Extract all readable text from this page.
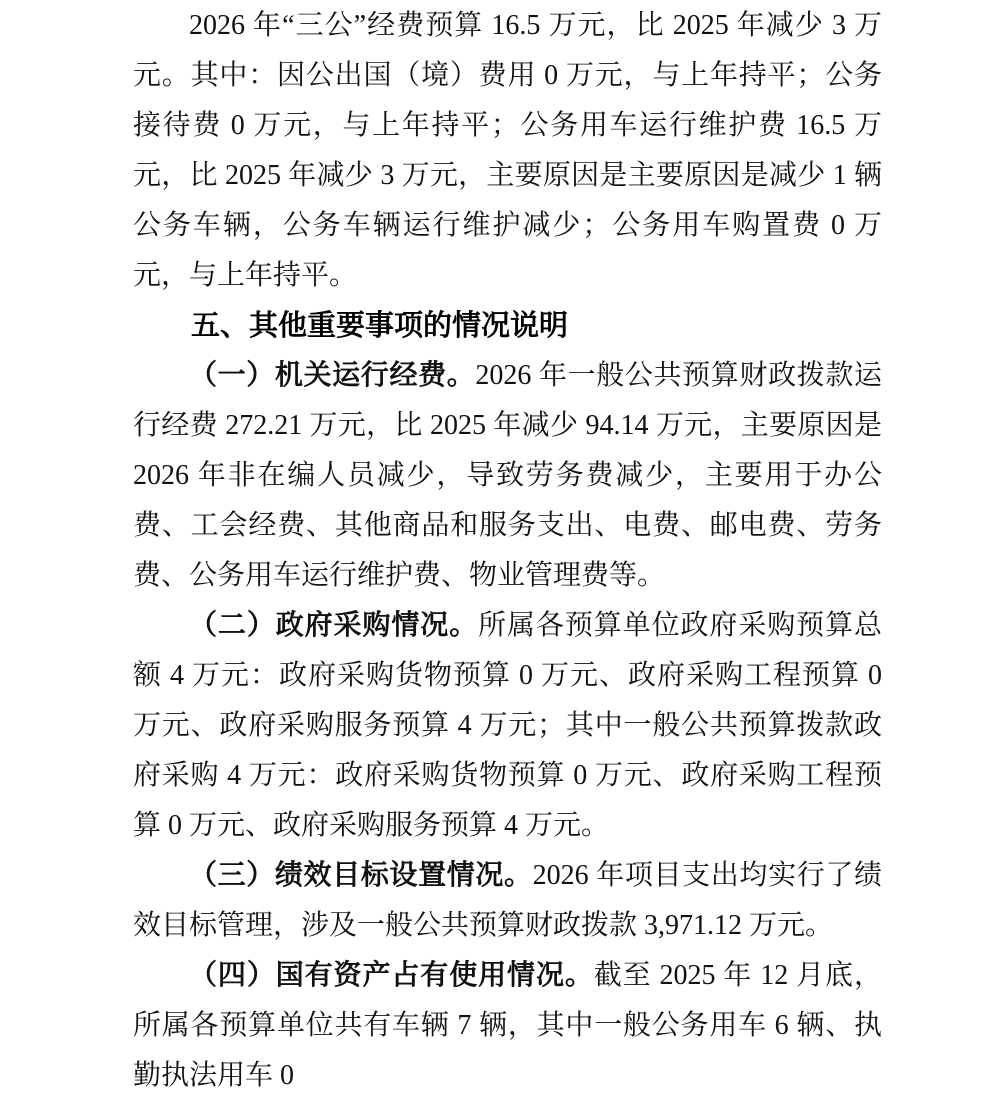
2026 年“三公”经费预算 16.5 万元，比 2025 年减少 3 万元。其中：因公出国（境）费用 0 万元，与上年持平；公务接待费 0 万元，与上年持平；公务用车运行维护费 16.5 万元，比 2025 年减少 3 万元，主要原因是主要原因是减少 1 辆公务车辆，公务车辆运行维护减少；公务用车购置费 0 万元，与上年持平。

五、其他重要事项的情况说明

（一）机关运行经费。2026 年一般公共预算财政拨款运行经费 272.21 万元，比 2025 年减少 94.14 万元，主要原因是 2026 年非在编人员减少，导致劳务费减少，主要用于办公费、工会经费、其他商品和服务支出、电费、邮电费、劳务费、公务用车运行维护费、物业管理费等。

（二）政府采购情况。所属各预算单位政府采购预算总额 4 万元：政府采购货物预算 0 万元、政府采购工程预算 0 万元、政府采购服务预算 4 万元；其中一般公共预算拨款政府采购 4 万元：政府采购货物预算 0 万元、政府采购工程预算 0 万元、政府采购服务预算 4 万元。

（三）绩效目标设置情况。2026 年项目支出均实行了绩效目标管理，涉及一般公共预算财政拨款 3,971.12 万元。

（四）国有资产占有使用情况。截至 2025 年 12 月底，所属各预算单位共有车辆 7 辆，其中一般公务用车 6 辆、执勤执法用车 0
